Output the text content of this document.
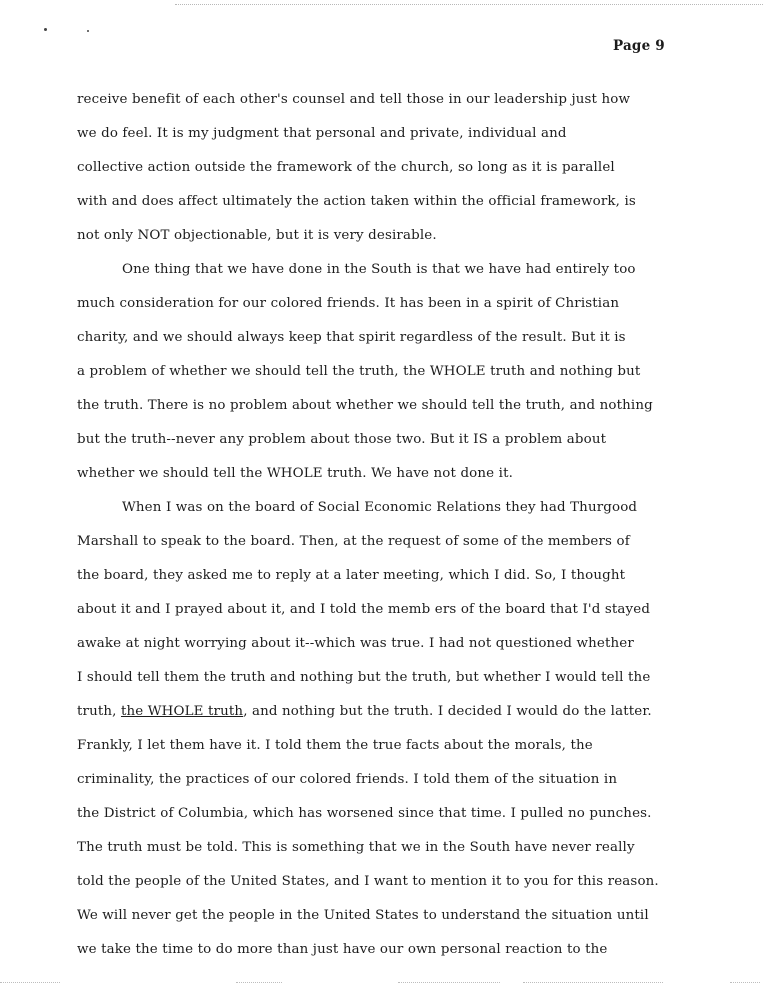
Page 9
receive benefit of each other's counsel and tell those in our leadership just how
we do feel. It is my judgment that personal and private, individual and
collective action outside the framework of the church, so long as it is parallel
with and does affect ultimately the action taken within the official framework, is
not only NOT objectionable, but it is very desirable.
One thing that we have done in the South is that we have had entirely too
much consideration for our colored friends. It has been in a spirit of Christian
charity, and we should always keep that spirit regardless of the result. But it is
a problem of whether we should tell the truth, the WHOLE truth and nothing but
the truth. There is no problem about whether we should tell the truth, and nothing
but the truth--never any problem about those two. But it IS a problem about
whether we should tell the WHOLE truth. We have not done it.
When I was on the board of Social Economic Relations they had Thurgood
Marshall to speak to the board. Then, at the request of some of the members of
the board, they asked me to reply at a later meeting, which I did. So, I thought
about it and I prayed about it, and I told the memb ers of the board that I'd stayed
awake at night worrying about it--which was true. I had not questioned whether
I should tell them the truth and nothing but the truth, but whether I would tell the
truth, the WHOLE truth, and nothing but the truth. I decided I would do the latter.
Frankly, I let them have it. I told them the true facts about the morals, the
criminality, the practices of our colored friends. I told them of the situation in
the District of Columbia, which has worsened since that time. I pulled no punches.
The truth must be told. This is something that we in the South have never really
told the people of the United States, and I want to mention it to you for this reason.
We will never get the people in the United States to understand the situation until
we take the time to do more than just have our own personal reaction to the
